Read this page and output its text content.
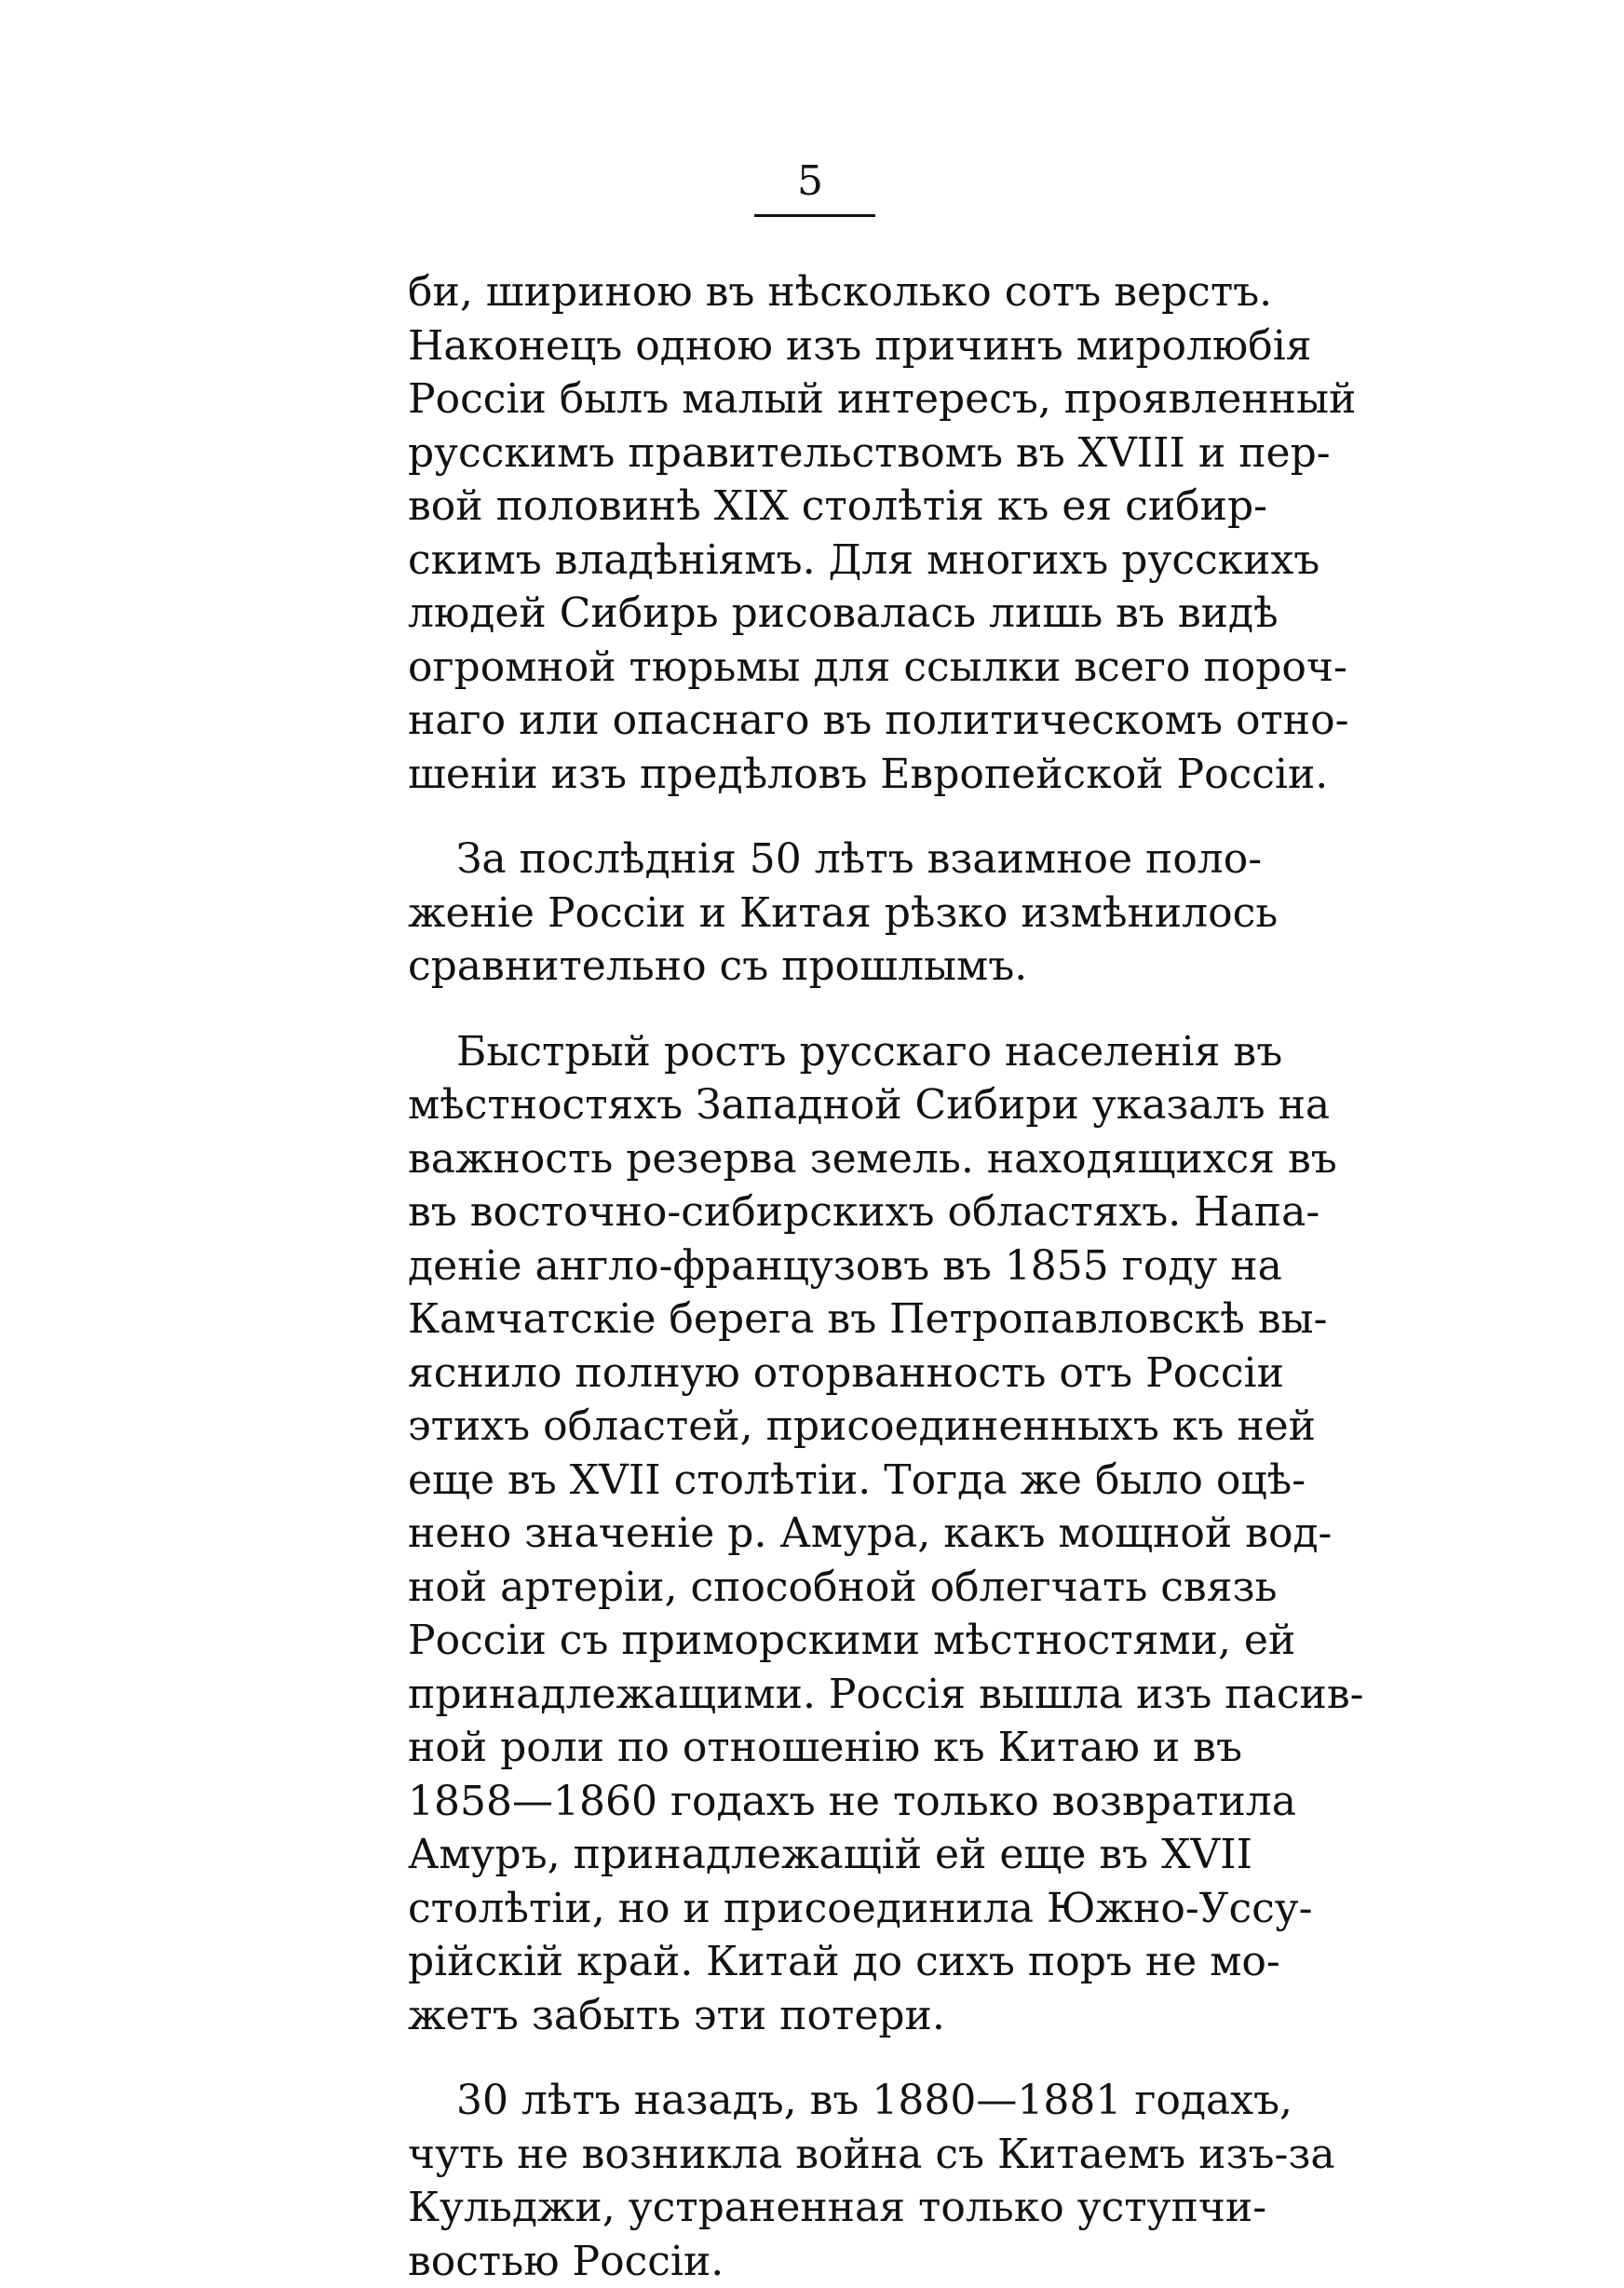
5
би, шириною въ нѣсколько сотъ верстъ.
Наконецъ одною изъ причинъ миролюбія
Россіи былъ малый интересъ, проявленный
русскимъ правительствомъ въ XVIII и пер-
вой половинѣ XIX столѣтія къ ея сибир-
скимъ владѣніямъ. Для многихъ русскихъ
людей Сибирь рисовалась лишь въ видѣ
огромной тюрьмы для ссылки всего пороч-
наго или опаснаго въ политическомъ отно-
шеніи изъ предѣловъ Европейской Россіи.
За послѣднія 50 лѣтъ взаимное поло-
женіе Россіи и Китая рѣзко измѣнилось
сравнительно съ прошлымъ.
Быстрый ростъ русскаго населенія въ
мѣстностяхъ Западной Сибири указалъ на
важность резерва земель. находящихся въ
въ восточно-сибирскихъ областяхъ. Напа-
деніе англо-французовъ въ 1855 году на
Камчатскіе берега въ Петропавловскѣ вы-
яснило полную оторванность отъ Россіи
этихъ областей, присоединенныхъ къ ней
еще въ XVII столѣтіи. Тогда же было оцѣ-
нено значеніе р. Амура, какъ мощной вод-
ной артеріи, способной облегчать связь
Россіи съ приморскими мѣстностями, ей
принадлежащими. Россія вышла изъ пасив-
ной роли по отношенію къ Китаю и въ
1858—1860 годахъ не только возвратила
Амуръ, принадлежащій ей еще въ XVII
столѣтіи, но и присоединила Южно-Уссу-
рійскій край. Китай до сихъ поръ не мо-
жетъ забыть эти потери.
30 лѣтъ назадъ, въ 1880—1881 годахъ,
чуть не возникла война съ Китаемъ изъ-за
Кульджи, устраненная только уступчи-
востью Россіи.
